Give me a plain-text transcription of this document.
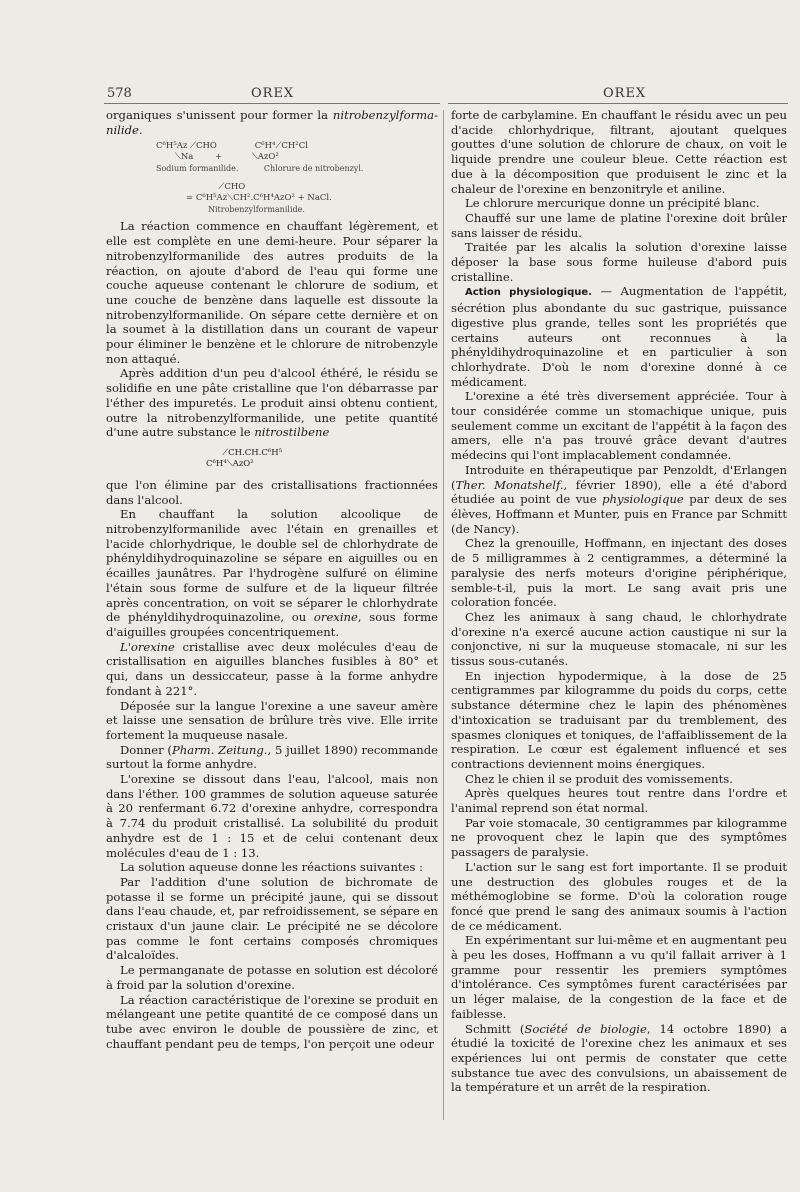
578	OREX	OREX

organiques s'unissent pour former la nitrobenzylforma-nilide.

C⁶H⁵Az ⟋CHO              C⁶H⁴⟋CH²Cl
⟍Na        +           ⟍AzO²
Sodium formanilide.	Chlorure de nitrobenzyl.
⟋CHO
= C⁶H⁵Az⟍CH².C⁶H⁴AzO² + NaCl.
Nitrobenzylformanilide.

La réaction commence en chauffant légèrement, et elle est complète en une demi-heure. Pour séparer la nitrobenzylformanilide des autres produits de la réaction, on ajoute d'abord de l'eau qui forme une couche aqueuse contenant le chlorure de sodium, et une couche de benzène dans laquelle est dissoute la nitrobenzylformanilide. On sépare cette dernière et on la soumet à la distillation dans un courant de vapeur pour éliminer le benzène et le chlorure de nitrobenzyle non attaqué.

Après addition d'un peu d'alcool éthéré, le résidu se solidifie en une pâte cristalline que l'on débarrasse par l'éther des impuretés. Le produit ainsi obtenu contient, outre la nitrobenzylformanilide, une petite quantité d'une autre substance le nitrostilbene

⟋CH.CH.C⁶H⁵
C⁶H⁴⟍AzO²

que l'on élimine par des cristallisations fractionnées dans l'alcool.

En chauffant la solution alcoolique de nitrobenzylformanilide avec l'étain en grenailles et l'acide chlorhydrique, le double sel de chlorhydrate de phényldihydroquinazoline se sépare en aiguilles ou en écailles jaunâtres. Par l'hydrogène sulfuré on élimine l'étain sous forme de sulfure et de la liqueur filtrée après concentration, on voit se séparer le chlorhydrate de phényldihydroquinazoline, ou orexine, sous forme d'aiguilles groupées concentriquement.

L'orexine cristallise avec deux molécules d'eau de cristallisation en aiguilles blanches fusibles à 80° et qui, dans un dessiccateur, passe à la forme anhydre fondant à 221°.

Déposée sur la langue l'orexine a une saveur amère et laisse une sensation de brûlure très vive. Elle irrite fortement la muqueuse nasale.

Donner (Pharm. Zeitung., 5 juillet 1890) recommande surtout la forme anhydre.

L'orexine se dissout dans l'eau, l'alcool, mais non dans l'éther. 100 grammes de solution aqueuse saturée à 20 renfermant 6.72 d'orexine anhydre, correspondra à 7.74 du produit cristallisé. La solubilité du produit anhydre est de 1 : 15 et de celui contenant deux molécules d'eau de 1 : 13.

La solution aqueuse donne les réactions suivantes :

Par l'addition d'une solution de bichromate de potasse il se forme un précipité jaune, qui se dissout dans l'eau chaude, et, par refroidissement, se sépare en cristaux d'un jaune clair. Le précipité ne se décolore pas comme le font certains composés chromiques d'alcaloïdes.

Le permanganate de potasse en solution est décoloré à froid par la solution d'orexine.

La réaction caractéristique de l'orexine se produit en mélangeant une petite quantité de ce composé dans un tube avec environ le double de poussière de zinc, et chauffant pendant peu de temps, l'on perçoit une odeur

forte de carbylamine. En chauffant le résidu avec un peu d'acide chlorhydrique, filtrant, ajoutant quelques gouttes d'une solution de chlorure de chaux, on voit le liquide prendre une couleur bleue. Cette réaction est due à la décomposition que produisent le zinc et la chaleur de l'orexine en benzonitryle et aniline.

Le chlorure mercurique donne un précipité blanc.

Chauffé sur une lame de platine l'orexine doit brûler sans laisser de résidu.

Traitée par les alcalis la solution d'orexine laisse déposer la base sous forme huileuse d'abord puis cristalline.

Action physiologique. — Augmentation de l'appétit, sécrétion plus abondante du suc gastrique, puissance digestive plus grande, telles sont les propriétés que certains auteurs ont reconnues à la phényldihydroquinazoline et en particulier à son chlorhydrate. D'où le nom d'orexine donné à ce médicament.

L'orexine a été très diversement appréciée. Tour à tour considérée comme un stomachique unique, puis seulement comme un excitant de l'appétit à la façon des amers, elle n'a pas trouvé grâce devant d'autres médecins qui l'ont implacablement condamnée.

Introduite en thérapeutique par Penzoldt, d'Erlangen (Ther. Monatshelf., février 1890), elle a été d'abord étudiée au point de vue physiologique par deux de ses élèves, Hoffmann et Munter, puis en France par Schmitt (de Nancy).

Chez la grenouille, Hoffmann, en injectant des doses de 5 milligrammes à 2 centigrammes, a déterminé la paralysie des nerfs moteurs d'origine périphérique, semble-t-il, puis la mort. Le sang avait pris une coloration foncée.

Chez les animaux à sang chaud, le chlorhydrate d'orexine n'a exercé aucune action caustique ni sur la conjonctive, ni sur la muqueuse stomacale, ni sur les tissus sous-cutanés.

En injection hypodermique, à la dose de 25 centigrammes par kilogramme du poids du corps, cette substance détermine chez le lapin des phénomènes d'intoxication se traduisant par du tremblement, des spasmes cloniques et toniques, de l'affaiblissement de la respiration. Le cœur est également influencé et ses contractions deviennent moins énergiques.

Chez le chien il se produit des vomissements.

Après quelques heures tout rentre dans l'ordre et l'animal reprend son état normal.

Par voie stomacale, 30 centigrammes par kilogramme ne provoquent chez le lapin que des symptômes passagers de paralysie.

L'action sur le sang est fort importante. Il se produit une destruction des globules rouges et de la méthémoglobine se forme. D'où la coloration rouge foncé que prend le sang des animaux soumis à l'action de ce médicament.

En expérimentant sur lui-même et en augmentant peu à peu les doses, Hoffmann a vu qu'il fallait arriver à 1 gramme pour ressentir les premiers symptômes d'intolérance. Ces symptômes furent caractérisées par un léger malaise, de la congestion de la face et de faiblesse.

Schmitt (Société de biologie, 14 octobre 1890) a étudié la toxicité de l'orexine chez les animaux et ses expériences lui ont permis de constater que cette substance tue avec des convulsions, un abaissement de la température et un arrêt de la respiration.
